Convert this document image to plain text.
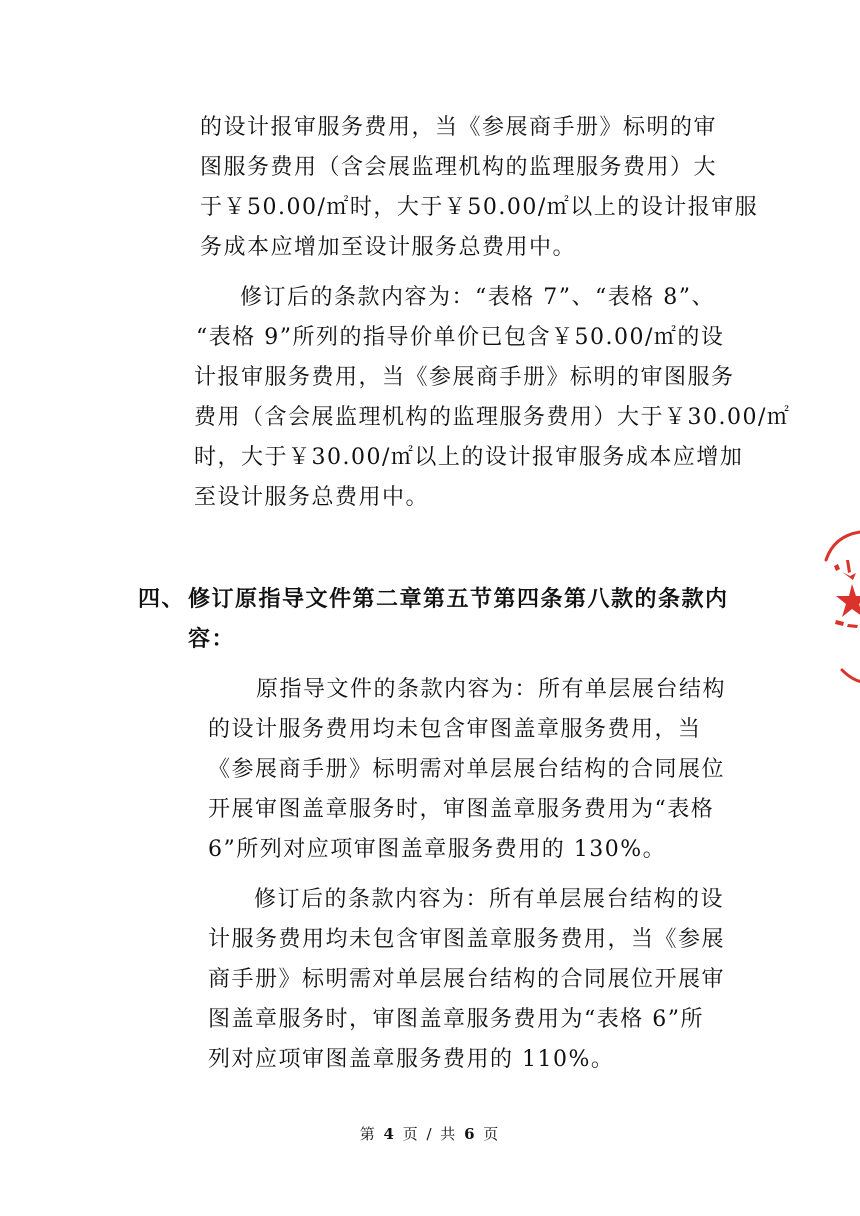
的设计报审服务费用，当《参展商手册》标明的审
图服务费用（含会展监理机构的监理服务费用）大
于￥50.00/㎡时，大于￥50.00/㎡以上的设计报审服
务成本应增加至设计服务总费用中。
修订后的条款内容为：“表格 7”、“表格 8”、
“表格 9”所列的指导价单价已包含￥50.00/㎡的设
计报审服务费用，当《参展商手册》标明的审图服务
费用（含会展监理机构的监理服务费用）大于￥30.00/㎡
时，大于￥30.00/㎡以上的设计报审服务成本应增加
至设计服务总费用中。
四、 修订原指导文件第二章第五节第四条第八款的条款内
容：
原指导文件的条款内容为：所有单层展台结构
的设计服务费用均未包含审图盖章服务费用，当
《参展商手册》标明需对单层展台结构的合同展位
开展审图盖章服务时，审图盖章服务费用为“表格
6”所列对应项审图盖章服务费用的 130%。
修订后的条款内容为：所有单层展台结构的设
计服务费用均未包含审图盖章服务费用，当《参展
商手册》标明需对单层展台结构的合同展位开展审
图盖章服务时，审图盖章服务费用为“表格 6”所
列对应项审图盖章服务费用的 110%。
第 4 页 / 共 6 页
